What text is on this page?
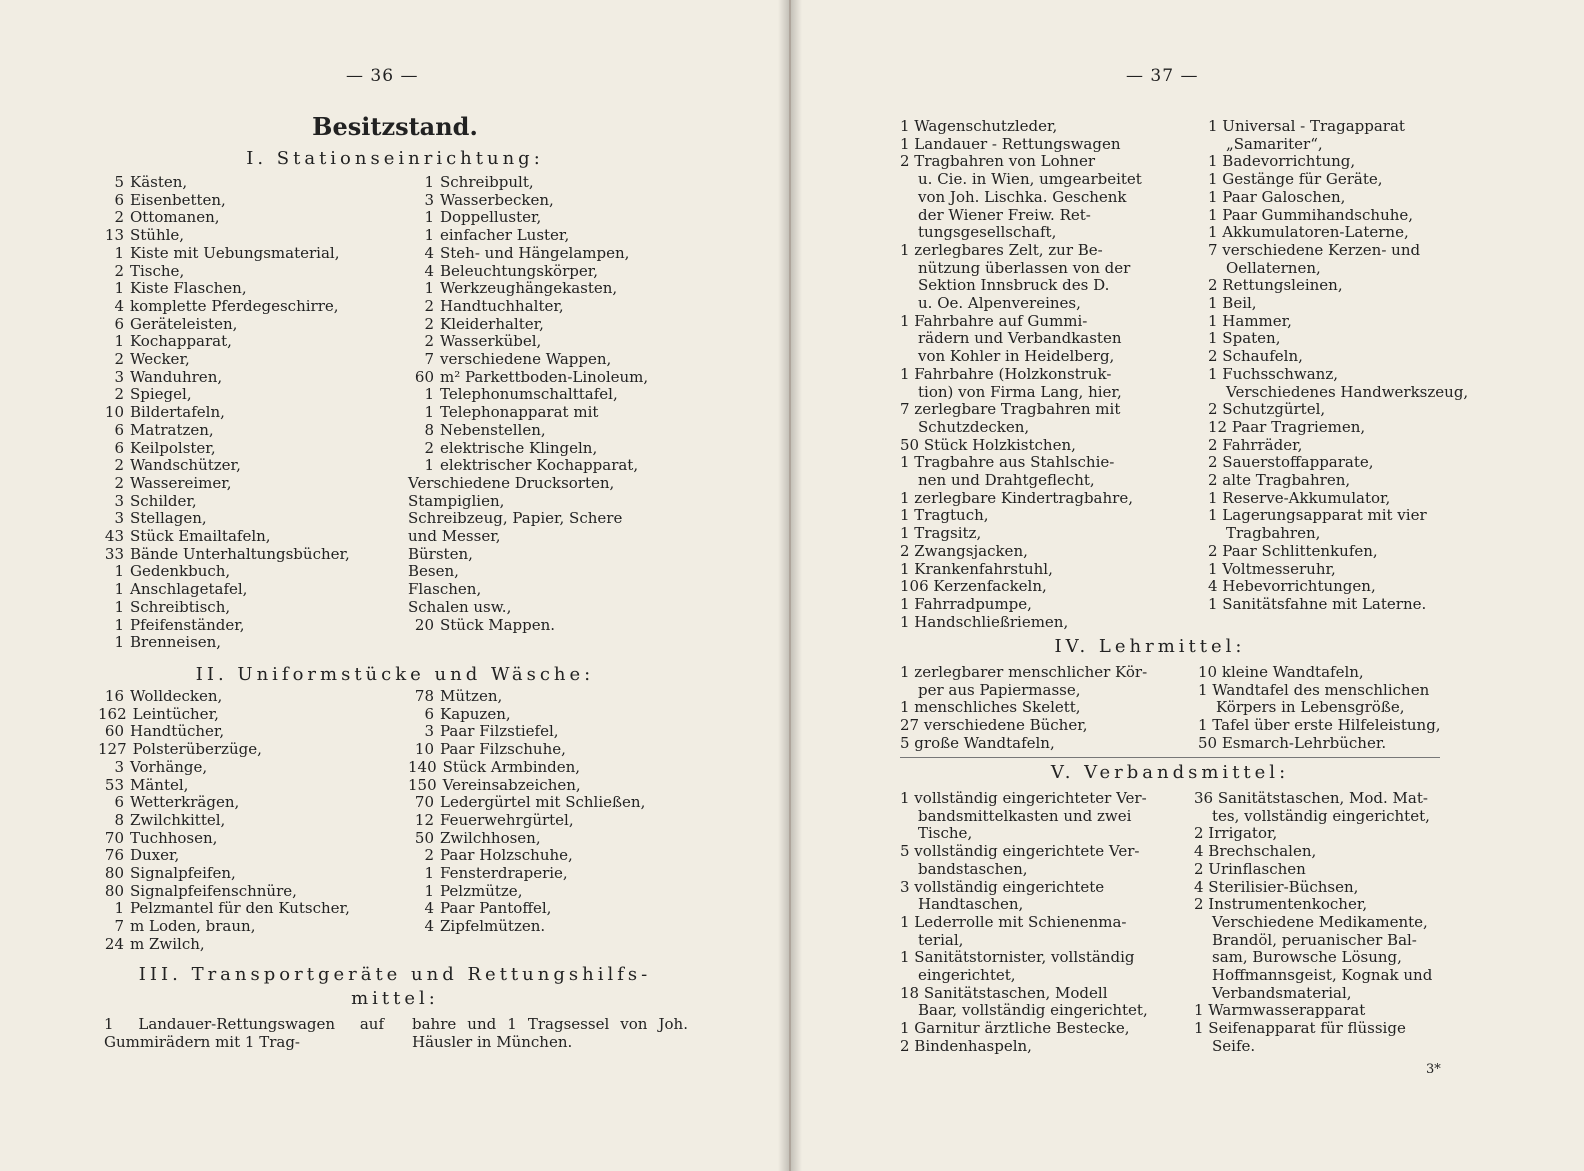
— 36 —
Besitzstand.
I. Stationseinrichtung:
5 Kästen,
6 Eisenbetten,
2 Ottomanen,
13 Stühle,
1 Kiste mit Uebungsmaterial,
2 Tische,
1 Kiste Flaschen,
4 komplette Pferdegeschirre,
6 Geräteleisten,
1 Kochapparat,
2 Wecker,
3 Wanduhren,
2 Spiegel,
10 Bildertafeln,
6 Matratzen,
6 Keilpolster,
2 Wandschützer,
2 Wassereimer,
3 Schilder,
3 Stellagen,
43 Stück Emailtafeln,
33 Bände Unterhaltungsbücher,
1 Gedenkbuch,
1 Anschlagetafel,
1 Schreibtisch,
1 Pfeifenständer,
1 Brenneisen,
1 Schreibpult,
3 Wasserbecken,
1 Doppelluster,
1 einfacher Luster,
4 Steh- und Hängelampen,
4 Beleuchtungskörper,
1 Werkzeughängekasten,
2 Handtuchhalter,
2 Kleiderhalter,
2 Wasserkübel,
7 verschiedene Wappen,
60 m² Parkettboden-Linoleum,
1 Telephonumschalttafel,
1 Telephonapparat mit
8 Nebenstellen,
2 elektrische Klingeln,
1 elektrischer Kochapparat,
Verschiedene Drucksorten,
Stampiglien,
Schreibzeug, Papier, Schere
und Messer,
Bürsten,
Besen,
Flaschen,
Schalen usw.,
20 Stück Mappen.
II. Uniformstücke und Wäsche:
16 Wolldecken,
162 Leintücher,
60 Handtücher,
127 Polsterüberzüge,
3 Vorhänge,
53 Mäntel,
6 Wetterkrägen,
8 Zwilchkittel,
70 Tuchhosen,
76 Duxer,
80 Signalpfeifen,
80 Signalpfeifenschnüre,
1 Pelzmantel für den Kutscher,
7 m Loden, braun,
24 m Zwilch,
78 Mützen,
6 Kapuzen,
3 Paar Filzstiefel,
10 Paar Filzschuhe,
140 Stück Armbinden,
150 Vereinsabzeichen,
70 Ledergürtel mit Schließen,
12 Feuerwehrgürtel,
50 Zwilchhosen,
2 Paar Holzschuhe,
1 Fensterdraperie,
1 Pelzmütze,
4 Paar Pantoffel,
4 Zipfelmützen.
III. Transportgeräte und Rettungshilfs-
mittel:
1 Landauer-Rettungswagen auf Gummirädern mit 1 Trag-
bahre und 1 Tragsessel von Joh. Häusler in München.
— 37 —
1 Wagenschutzleder,
1 Landauer - Rettungswagen
2 Tragbahren von Lohner
u. Cie. in Wien, umgearbeitet
von Joh. Lischka. Geschenk
der Wiener Freiw. Ret-
tungsgesellschaft,
1 zerlegbares Zelt, zur Be-
nützung überlassen von der
Sektion Innsbruck des D.
u. Oe. Alpenvereines,
1 Fahrbahre auf Gummi-
rädern und Verbandkasten
von Kohler in Heidelberg,
1 Fahrbahre (Holzkonstruk-
tion) von Firma Lang, hier,
7 zerlegbare Tragbahren mit
Schutzdecken,
50 Stück Holzkistchen,
1 Tragbahre aus Stahlschie-
nen und Drahtgeflecht,
1 zerlegbare Kindertragbahre,
1 Tragtuch,
1 Tragsitz,
2 Zwangsjacken,
1 Krankenfahrstuhl,
106 Kerzenfackeln,
1 Fahrradpumpe,
1 Handschließriemen,
1 Universal - Tragapparat
„Samariter“,
1 Badevorrichtung,
1 Gestänge für Geräte,
1 Paar Galoschen,
1 Paar Gummihandschuhe,
1 Akkumulatoren-Laterne,
7 verschiedene Kerzen- und
Oellaternen,
2 Rettungsleinen,
1 Beil,
1 Hammer,
1 Spaten,
2 Schaufeln,
1 Fuchsschwanz,
Verschiedenes Handwerkszeug,
2 Schutzgürtel,
12 Paar Tragriemen,
2 Fahrräder,
2 Sauerstoffapparate,
2 alte Tragbahren,
1 Reserve-Akkumulator,
1 Lagerungsapparat mit vier
Tragbahren,
2 Paar Schlittenkufen,
1 Voltmesseruhr,
4 Hebevorrichtungen,
1 Sanitätsfahne mit Laterne.
IV. Lehrmittel:
1 zerlegbarer menschlicher Kör-
per aus Papiermasse,
1 menschliches Skelett,
27 verschiedene Bücher,
5 große Wandtafeln,
10 kleine Wandtafeln,
1 Wandtafel des menschlichen
Körpers in Lebensgröße,
1 Tafel über erste Hilfeleistung,
50 Esmarch-Lehrbücher.
V. Verbandsmittel:
1 vollständig eingerichteter Ver-
bandsmittelkasten und zwei
Tische,
5 vollständig eingerichtete Ver-
bandstaschen,
3 vollständig eingerichtete
Handtaschen,
1 Lederrolle mit Schienenma-
terial,
1 Sanitätstornister, vollständig
eingerichtet,
18 Sanitätstaschen, Modell
Baar, vollständig eingerichtet,
1 Garnitur ärztliche Bestecke,
2 Bindenhaspeln,
36 Sanitätstaschen, Mod. Mat-
tes, vollständig eingerichtet,
2 Irrigator,
4 Brechschalen,
2 Urinflaschen
4 Sterilisier-Büchsen,
2 Instrumentenkocher,
Verschiedene Medikamente,
Brandöl, peruanischer Bal-
sam, Burowsche Lösung,
Hoffmannsgeist, Kognak und
Verbandsmaterial,
1 Warmwasserapparat
1 Seifenapparat für flüssige
Seife.
3*
